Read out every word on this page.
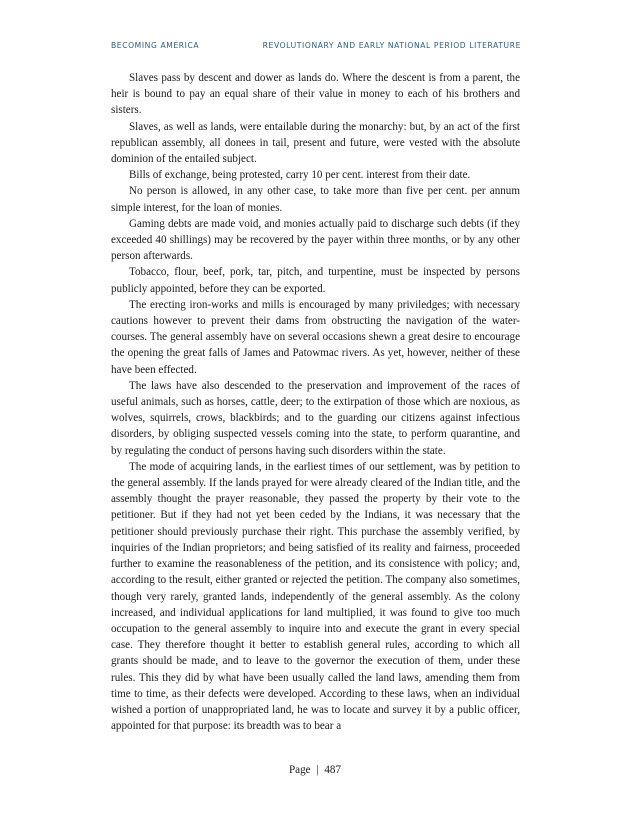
BECOMING AMERICA	REVOLUTIONARY AND EARLY NATIONAL PERIOD LITERATURE

Slaves pass by descent and dower as lands do. Where the descent is from a parent, the heir is bound to pay an equal share of their value in money to each of his brothers and sisters.

Slaves, as well as lands, were entailable during the monarchy: but, by an act of the first republican assembly, all donees in tail, present and future, were vested with the absolute dominion of the entailed subject.

Bills of exchange, being protested, carry 10 per cent. interest from their date.

No person is allowed, in any other case, to take more than five per cent. per annum simple interest, for the loan of monies.

Gaming debts are made void, and monies actually paid to discharge such debts (if they exceeded 40 shillings) may be recovered by the payer within three months, or by any other person afterwards.

Tobacco, flour, beef, pork, tar, pitch, and turpentine, must be inspected by persons publicly appointed, before they can be exported.

The erecting iron-works and mills is encouraged by many priviledges; with necessary cautions however to prevent their dams from obstructing the navigation of the water-courses. The general assembly have on several occasions shewn a great desire to encourage the opening the great falls of James and Patowmac rivers. As yet, however, neither of these have been effected.

The laws have also descended to the preservation and improvement of the races of useful animals, such as horses, cattle, deer; to the extirpation of those which are noxious, as wolves, squirrels, crows, blackbirds; and to the guarding our citizens against infectious disorders, by obliging suspected vessels coming into the state, to perform quarantine, and by regulating the conduct of persons having such disorders within the state.

The mode of acquiring lands, in the earliest times of our settlement, was by petition to the general assembly. If the lands prayed for were already cleared of the Indian title, and the assembly thought the prayer reasonable, they passed the property by their vote to the petitioner. But if they had not yet been ceded by the Indians, it was necessary that the petitioner should previously purchase their right. This purchase the assembly verified, by inquiries of the Indian proprietors; and being satisfied of its reality and fairness, proceeded further to examine the reasonableness of the petition, and its consistence with policy; and, according to the result, either granted or rejected the petition. The company also sometimes, though very rarely, granted lands, independently of the general assembly. As the colony increased, and individual applications for land multiplied, it was found to give too much occupation to the general assembly to inquire into and execute the grant in every special case. They therefore thought it better to establish general rules, according to which all grants should be made, and to leave to the governor the execution of them, under these rules. This they did by what have been usually called the land laws, amending them from time to time, as their defects were developed. According to these laws, when an individual wished a portion of unappropriated land, he was to locate and survey it by a public officer, appointed for that purpose: its breadth was to bear a

Page | 487
